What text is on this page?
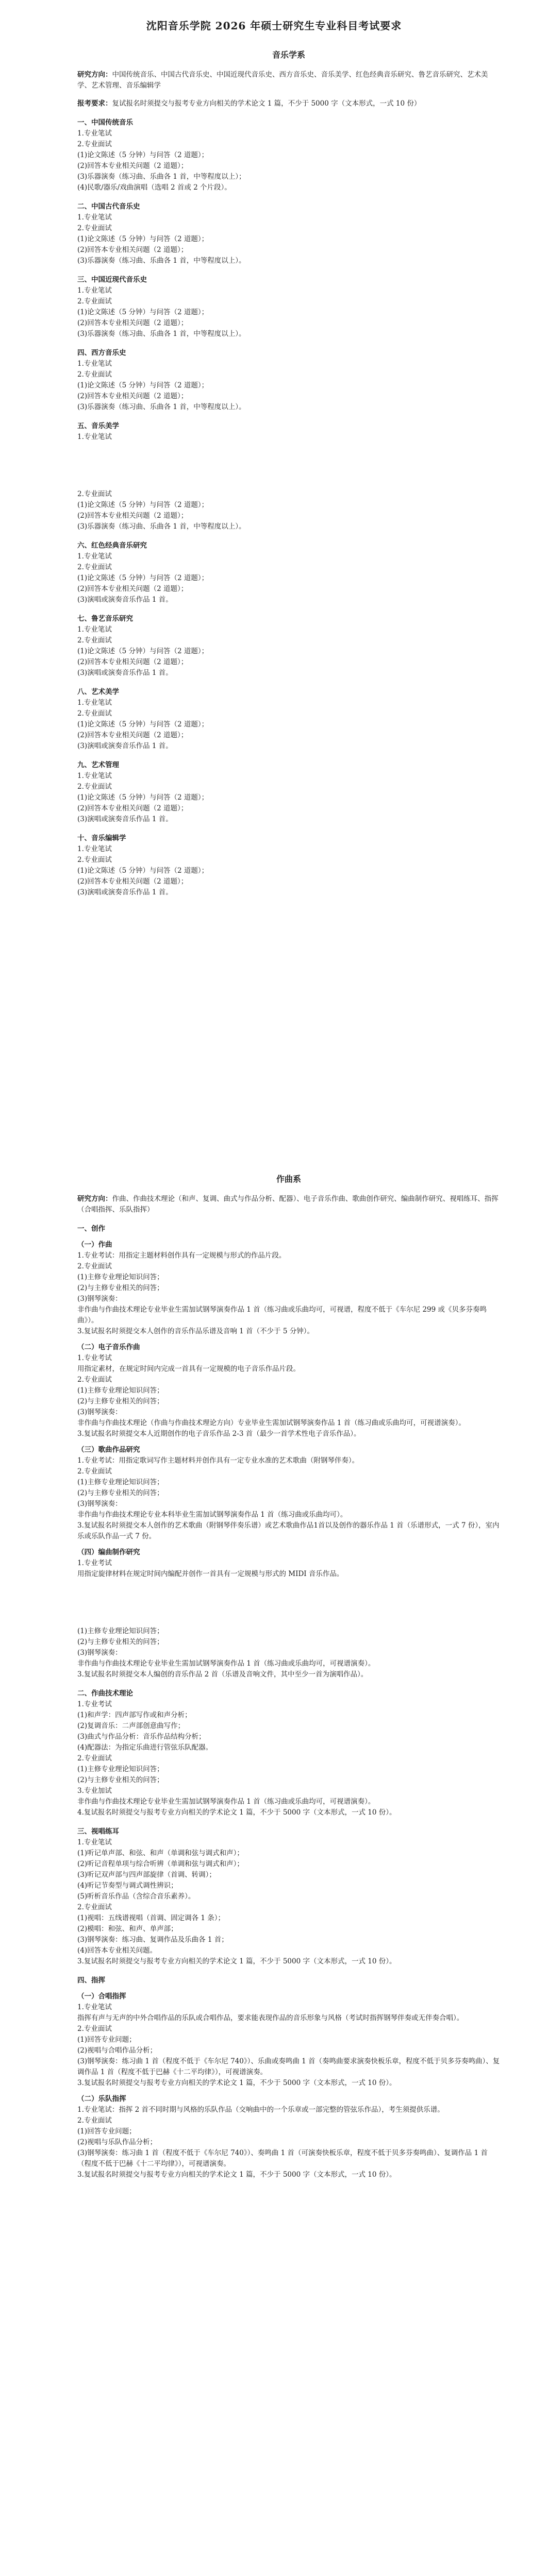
沈阳音乐学院 2026 年硕士研究生专业科目考试要求
音乐学系

研究方向：中国传统音乐、中国古代音乐史、中国近现代音乐史、西方音乐史、音乐美学、红色经典音乐研究、鲁艺音乐研究、艺术美学、艺术管理、音乐编辑学

报考要求：复试报名时须提交与报考专业方向相关的学术论文 1 篇，不少于 5000 字（文本形式，一式 10 份）

一、中国传统音乐

1.专业笔试

2.专业面试

(1)论文陈述（5 分钟）与问答（2 道题）；

(2)回答本专业相关问题（2 道题）；

(3)乐器演奏（练习曲、乐曲各 1 首，中等程度以上）；

(4)民歌/器乐/戏曲演唱（选唱 2 首或 2 个片段）。

二、中国古代音乐史

1.专业笔试

2.专业面试

(1)论文陈述（5 分钟）与问答（2 道题）；

(2)回答本专业相关问题（2 道题）；

(3)乐器演奏（练习曲、乐曲各 1 首，中等程度以上）。

三、中国近现代音乐史

1.专业笔试

2.专业面试

(1)论文陈述（5 分钟）与问答（2 道题）；

(2)回答本专业相关问题（2 道题）；

(3)乐器演奏（练习曲、乐曲各 1 首，中等程度以上）。

四、西方音乐史

1.专业笔试

2.专业面试

(1)论文陈述（5 分钟）与问答（2 道题）；

(2)回答本专业相关问题（2 道题）；

(3)乐器演奏（练习曲、乐曲各 1 首，中等程度以上）。

五、音乐美学

1.专业笔试

2.专业面试

(1)论文陈述（5 分钟）与问答（2 道题）；

(2)回答本专业相关问题（2 道题）；

(3)乐器演奏（练习曲、乐曲各 1 首，中等程度以上）。

六、红色经典音乐研究

1.专业笔试

2.专业面试

(1)论文陈述（5 分钟）与问答（2 道题）；

(2)回答本专业相关问题（2 道题）；

(3)演唱或演奏音乐作品 1 首。

七、鲁艺音乐研究

1.专业笔试

2.专业面试

(1)论文陈述（5 分钟）与问答（2 道题）；

(2)回答本专业相关问题（2 道题）；

(3)演唱或演奏音乐作品 1 首。

八、艺术美学

1.专业笔试

2.专业面试

(1)论文陈述（5 分钟）与问答（2 道题）；

(2)回答本专业相关问题（2 道题）；

(3)演唱或演奏音乐作品 1 首。

九、艺术管理

1.专业笔试

2.专业面试

(1)论文陈述（5 分钟）与问答（2 道题）；

(2)回答本专业相关问题（2 道题）；

(3)演唱或演奏音乐作品 1 首。

十、音乐编辑学

1.专业笔试

2.专业面试

(1)论文陈述（5 分钟）与问答（2 道题）；

(2)回答本专业相关问题（2 道题）；

(3)演唱或演奏音乐作品 1 首。

作曲系

研究方向：作曲、作曲技术理论（和声、复调、曲式与作品分析、配器）、电子音乐作曲、歌曲创作研究、编曲制作研究、视唱练耳、指挥（合唱指挥、乐队指挥）

一、创作
（一）作曲

1.专业考试：用指定主题材料创作具有一定规模与形式的作品片段。

2.专业面试

(1)主修专业理论知识问答；

(2)与主修专业相关的问答；

(3)钢琴演奏：

非作曲与作曲技术理论专业毕业生需加试钢琴演奏作品 1 首（练习曲或乐曲均可，可视谱，程度不低于《车尔尼 299 或《贝多芬奏鸣曲》）。

3.复试报名时须提交本人创作的音乐作品乐谱及音响 1 首（不少于 5 分钟）。

（二）电子音乐作曲

1.专业考试

用指定素材，在规定时间内完成一首具有一定规模的电子音乐作品片段。

2.专业面试

(1)主修专业理论知识问答；

(2)与主修专业相关的问答；

(3)钢琴演奏：

非作曲与作曲技术理论（作曲与作曲技术理论方向）专业毕业生需加试钢琴演奏作品 1 首（练习曲或乐曲均可，可视谱演奏）。

3.复试报名时须提交本人近期创作的电子音乐作品 2-3 首（最少一首学术性电子音乐作品）。

（三）歌曲作品研究

1.专业考试：用指定歌词写作主题材料并创作具有一定专业水准的艺术歌曲（附钢琴伴奏）。

2.专业面试

(1)主修专业理论知识问答；

(2)与主修专业相关的问答；

(3)钢琴演奏：

非作曲与作曲技术理论专业本科毕业生需加试钢琴演奏作品 1 首（练习曲或乐曲均可）。

3.复试报名时须提交本人创作的艺术歌曲（附钢琴伴奏乐谱）或艺术歌曲作品1首以及创作的器乐作品 1 首（乐谱形式，一式 7 份），室内乐或乐队作品一式 7 份。

（四）编曲制作研究

1.专业考试

用指定旋律材料在规定时间内编配并创作一首具有一定规模与形式的 MIDI 音乐作品。

(1)主修专业理论知识问答；

(2)与主修专业相关的问答；

(3)钢琴演奏：

非作曲与作曲技术理论专业毕业生需加试钢琴演奏作品 1 首（练习曲或乐曲均可，可视谱演奏）。

3.复试报名时须提交本人编创的音乐作品 2 首（乐谱及音响文件，其中至少一首为演唱作品）。

二、作曲技术理论

1.专业考试

(1)和声学：四声部写作或和声分析；

(2)复调音乐：二声部创意曲写作；

(3)曲式与作品分析：音乐作品结构分析；

(4)配器法：为指定乐曲进行管弦乐队配器。

2.专业面试

(1)主修专业理论知识问答；

(2)与主修专业相关的问答；

3.专业加试

非作曲与作曲技术理论专业毕业生需加试钢琴演奏作品 1 首（练习曲或乐曲均可，可视谱演奏）。

4.复试报名时须提交与报考专业方向相关的学术论文 1 篇，不少于 5000 字（文本形式，一式 10 份）。

三、视唱练耳

1.专业笔试

(1)听记单声部、和弦、和声（单调和弦与调式和声）；

(2)听记音程单项与综合听辨（单调和弦与调式和声）；

(3)听记双声部与四声部旋律（首调、转调）；

(4)听记节奏型与调式调性辨识；

(5)听析音乐作品（含综合音乐素养）。

2.专业面试

(1)视唱：五线谱视唱（首调、固定调各 1 条）；

(2)模唱：和弦、和声、单声部；

(3)钢琴演奏：练习曲、复调作品及乐曲各 1 首；

(4)回答本专业相关问题。

3.复试报名时须提交与报考专业方向相关的学术论文 1 篇，不少于 5000 字（文本形式，一式 10 份）。

四、指挥
（一）合唱指挥

1.专业笔试

指挥有声与无声的中外合唱作品的乐队或合唱作品，要求能表现作品的音乐形象与风格（考试时指挥钢琴伴奏或无伴奏合唱）。

2.专业面试

(1)回答专业问题；

(2)视唱与合唱作品分析；

(3)钢琴演奏：练习曲 1 首（程度不低于《车尔尼 740》）、乐曲或奏鸣曲 1 首（奏鸣曲要求演奏快板乐章，程度不低于贝多芬奏鸣曲）、复调作品 1 首（程度不低于巴赫《十二平均律》），可视谱演奏。

3.复试报名时须提交与报考专业方向相关的学术论文 1 篇，不少于 5000 字（文本形式，一式 10 份）。

（二）乐队指挥

1.专业笔试：指挥 2 首不同时期与风格的乐队作品（交响曲中的一个乐章或一部完整的管弦乐作品），考生须提供乐谱。

2.专业面试

(1)回答专业问题；

(2)视唱与乐队作品分析；

(3)钢琴演奏：练习曲 1 首（程度不低于《车尔尼 740》）、奏鸣曲 1 首（可演奏快板乐章，程度不低于贝多芬奏鸣曲）、复调作品 1 首（程度不低于巴赫《十二平均律》），可视谱演奏。

3.复试报名时须提交与报考专业方向相关的学术论文 1 篇，不少于 5000 字（文本形式，一式 10 份）。
